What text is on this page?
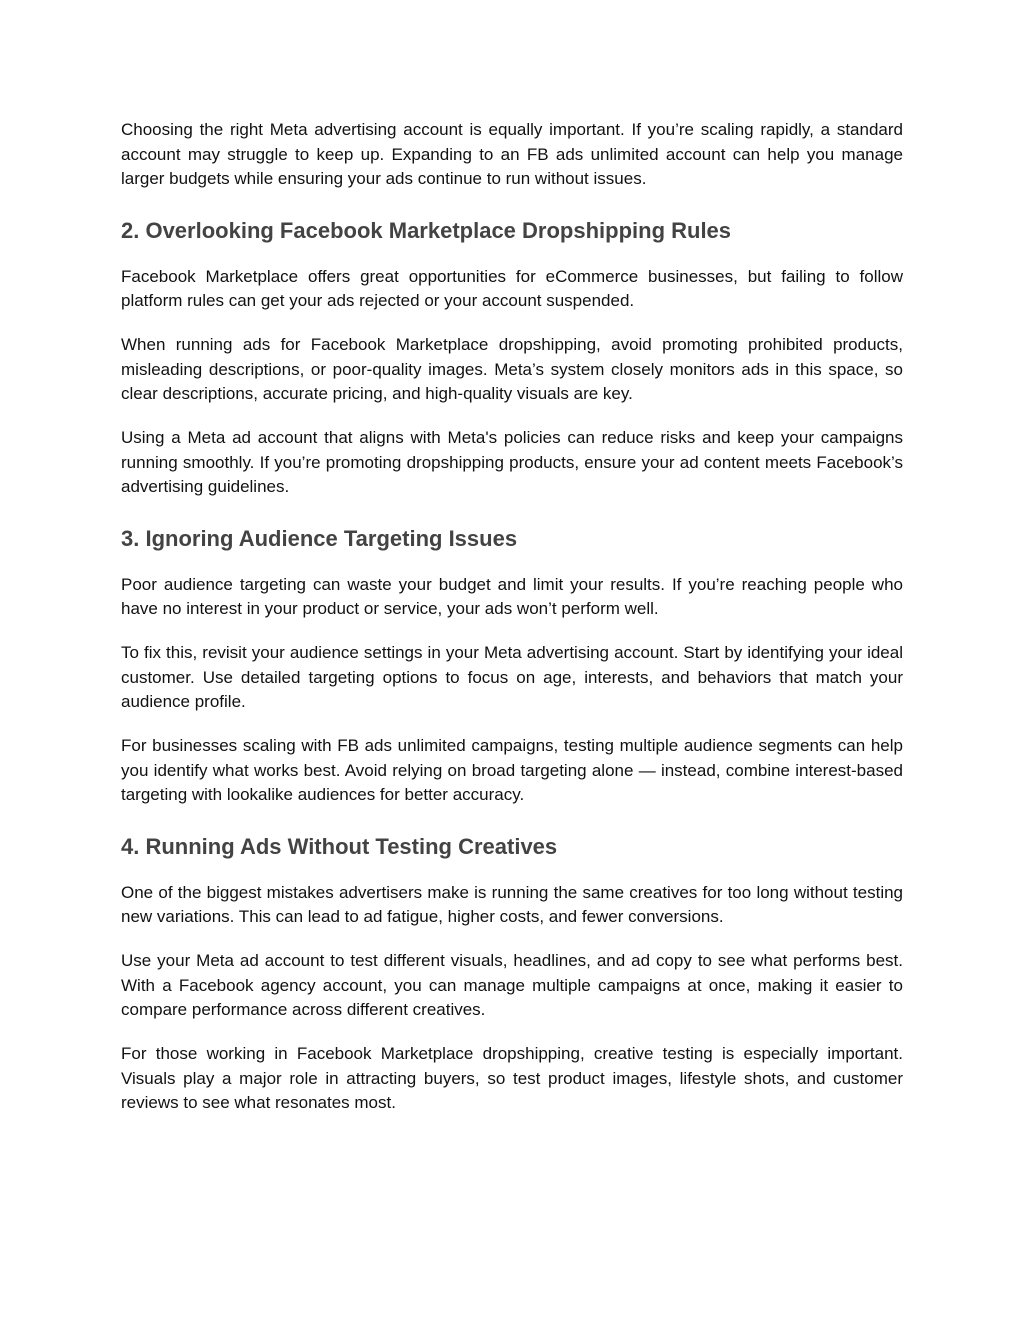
Choosing the right Meta advertising account is equally important. If you’re scaling rapidly, a standard account may struggle to keep up. Expanding to an FB ads unlimited account can help you manage larger budgets while ensuring your ads continue to run without issues.

2. Overlooking Facebook Marketplace Dropshipping Rules

Facebook Marketplace offers great opportunities for eCommerce businesses, but failing to follow platform rules can get your ads rejected or your account suspended.

When running ads for Facebook Marketplace dropshipping, avoid promoting prohibited products, misleading descriptions, or poor-quality images. Meta’s system closely monitors ads in this space, so clear descriptions, accurate pricing, and high-quality visuals are key.

Using a Meta ad account that aligns with Meta's policies can reduce risks and keep your campaigns running smoothly. If you’re promoting dropshipping products, ensure your ad content meets Facebook’s advertising guidelines.

3. Ignoring Audience Targeting Issues

Poor audience targeting can waste your budget and limit your results. If you’re reaching people who have no interest in your product or service, your ads won’t perform well.

To fix this, revisit your audience settings in your Meta advertising account. Start by identifying your ideal customer. Use detailed targeting options to focus on age, interests, and behaviors that match your audience profile.

For businesses scaling with FB ads unlimited campaigns, testing multiple audience segments can help you identify what works best. Avoid relying on broad targeting alone — instead, combine interest-based targeting with lookalike audiences for better accuracy.

4. Running Ads Without Testing Creatives

One of the biggest mistakes advertisers make is running the same creatives for too long without testing new variations. This can lead to ad fatigue, higher costs, and fewer conversions.

Use your Meta ad account to test different visuals, headlines, and ad copy to see what performs best. With a Facebook agency account, you can manage multiple campaigns at once, making it easier to compare performance across different creatives.

For those working in Facebook Marketplace dropshipping, creative testing is especially important. Visuals play a major role in attracting buyers, so test product images, lifestyle shots, and customer reviews to see what resonates most.
